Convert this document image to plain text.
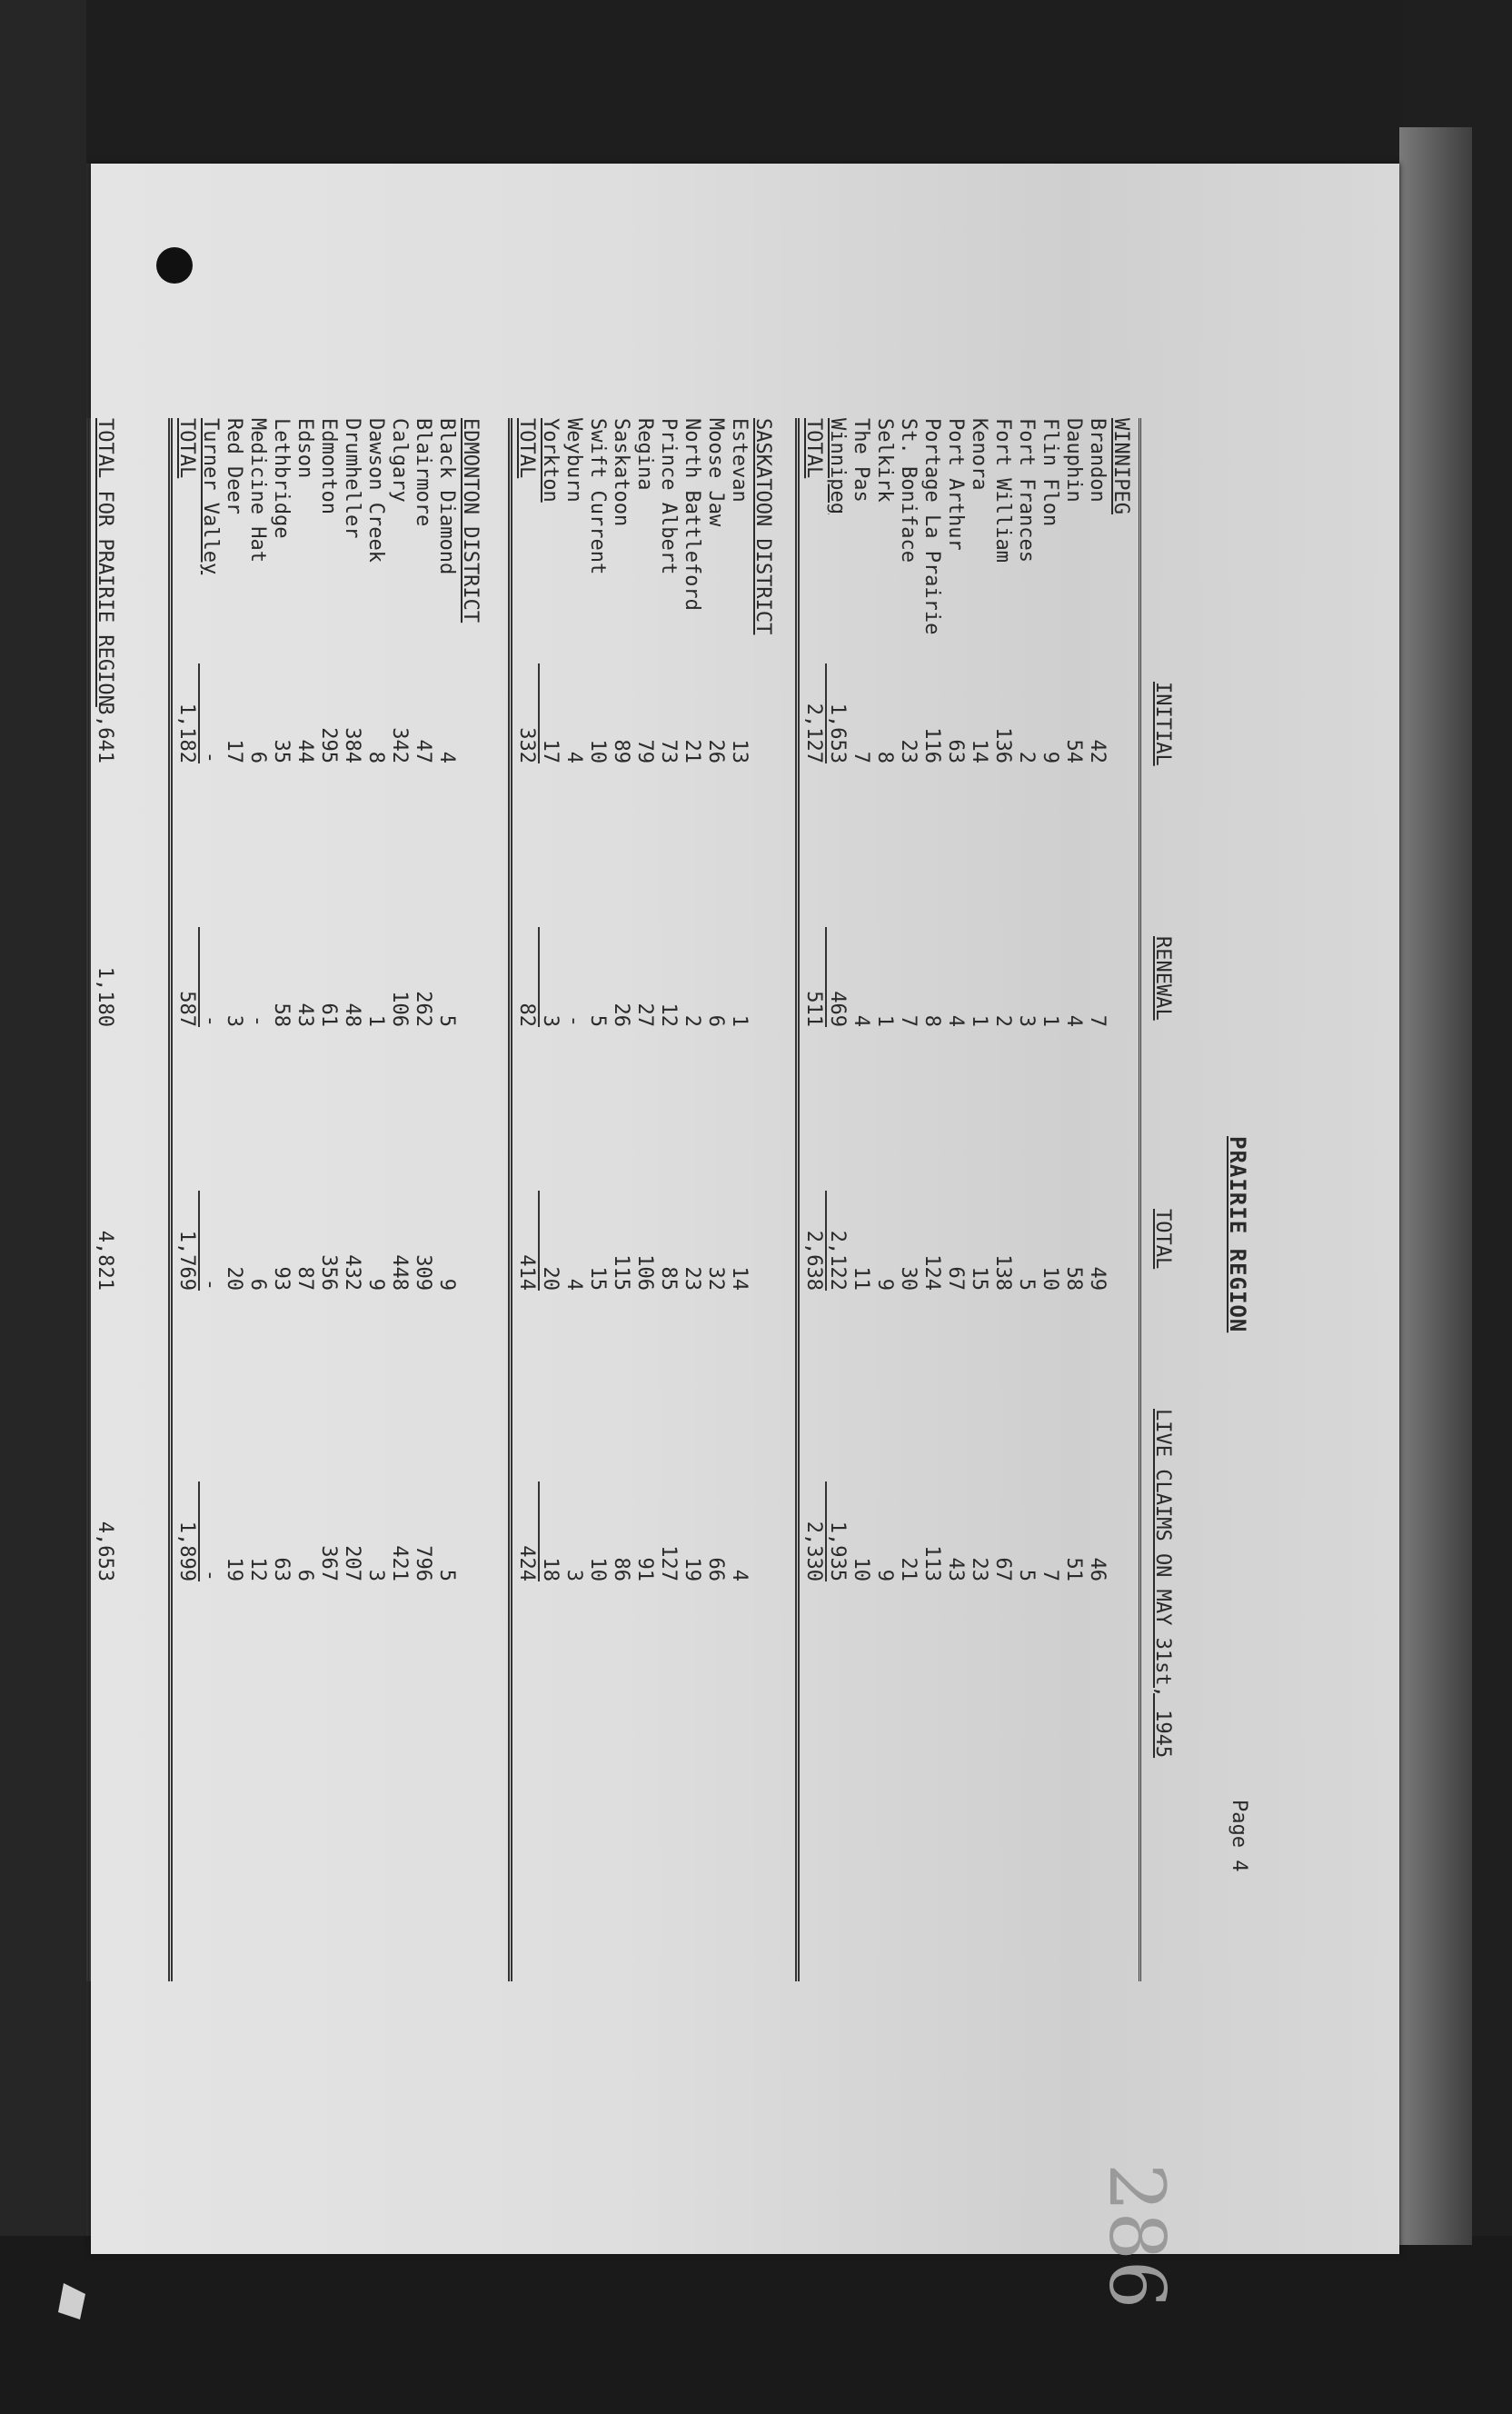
286
PRAIRIE REGION
Page 4
INITIAL
RENEWAL
TOTAL
LIVE CLAIMS ON MAY 31st, 1945
WINNIPEG
Brandon
42
7
49
46
Dauphin
54
4
58
51
Flin Flon
9
1
10
7
Fort Frances
2
3
5
5
Fort William
136
2
138
67
Kenora
14
1
15
23
Port Arthur
63
4
67
43
Portage La Prairie
116
8
124
113
St. Boniface
23
7
30
21
Selkirk
8
1
9
9
The Pas
7
4
11
10
Winnipeg
1,653
469
2,122
1,935
TOTAL
2,127
511
2,638
2,330
SASKATOON DISTRICT
Estevan
13
1
14
4
Moose Jaw
26
6
32
66
North Battleford
21
2
23
19
Prince Albert
73
12
85
127
Regina
79
27
106
91
Saskatoon
89
26
115
86
Swift Current
10
5
15
10
Weyburn
4
-
4
3
Yorkton
17
3
20
18
TOTAL
332
82
414
424
EDMONTON DISTRICT
Black Diamond
4
5
9
5
Blairmore
47
262
309
796
Calgary
342
106
448
421
Dawson Creek
8
1
9
3
Drumheller
384
48
432
207
Edmonton
295
61
356
367
Edson
44
43
87
6
Lethbridge
35
58
93
63
Medicine Hat
6
-
6
12
Red Deer
17
3
20
19
Turner Valley
-
-
-
-
TOTAL
1,182
587
1,769
1,899
TOTAL FOR PRAIRIE REGION
3,641
1,180
4,821
4,653
